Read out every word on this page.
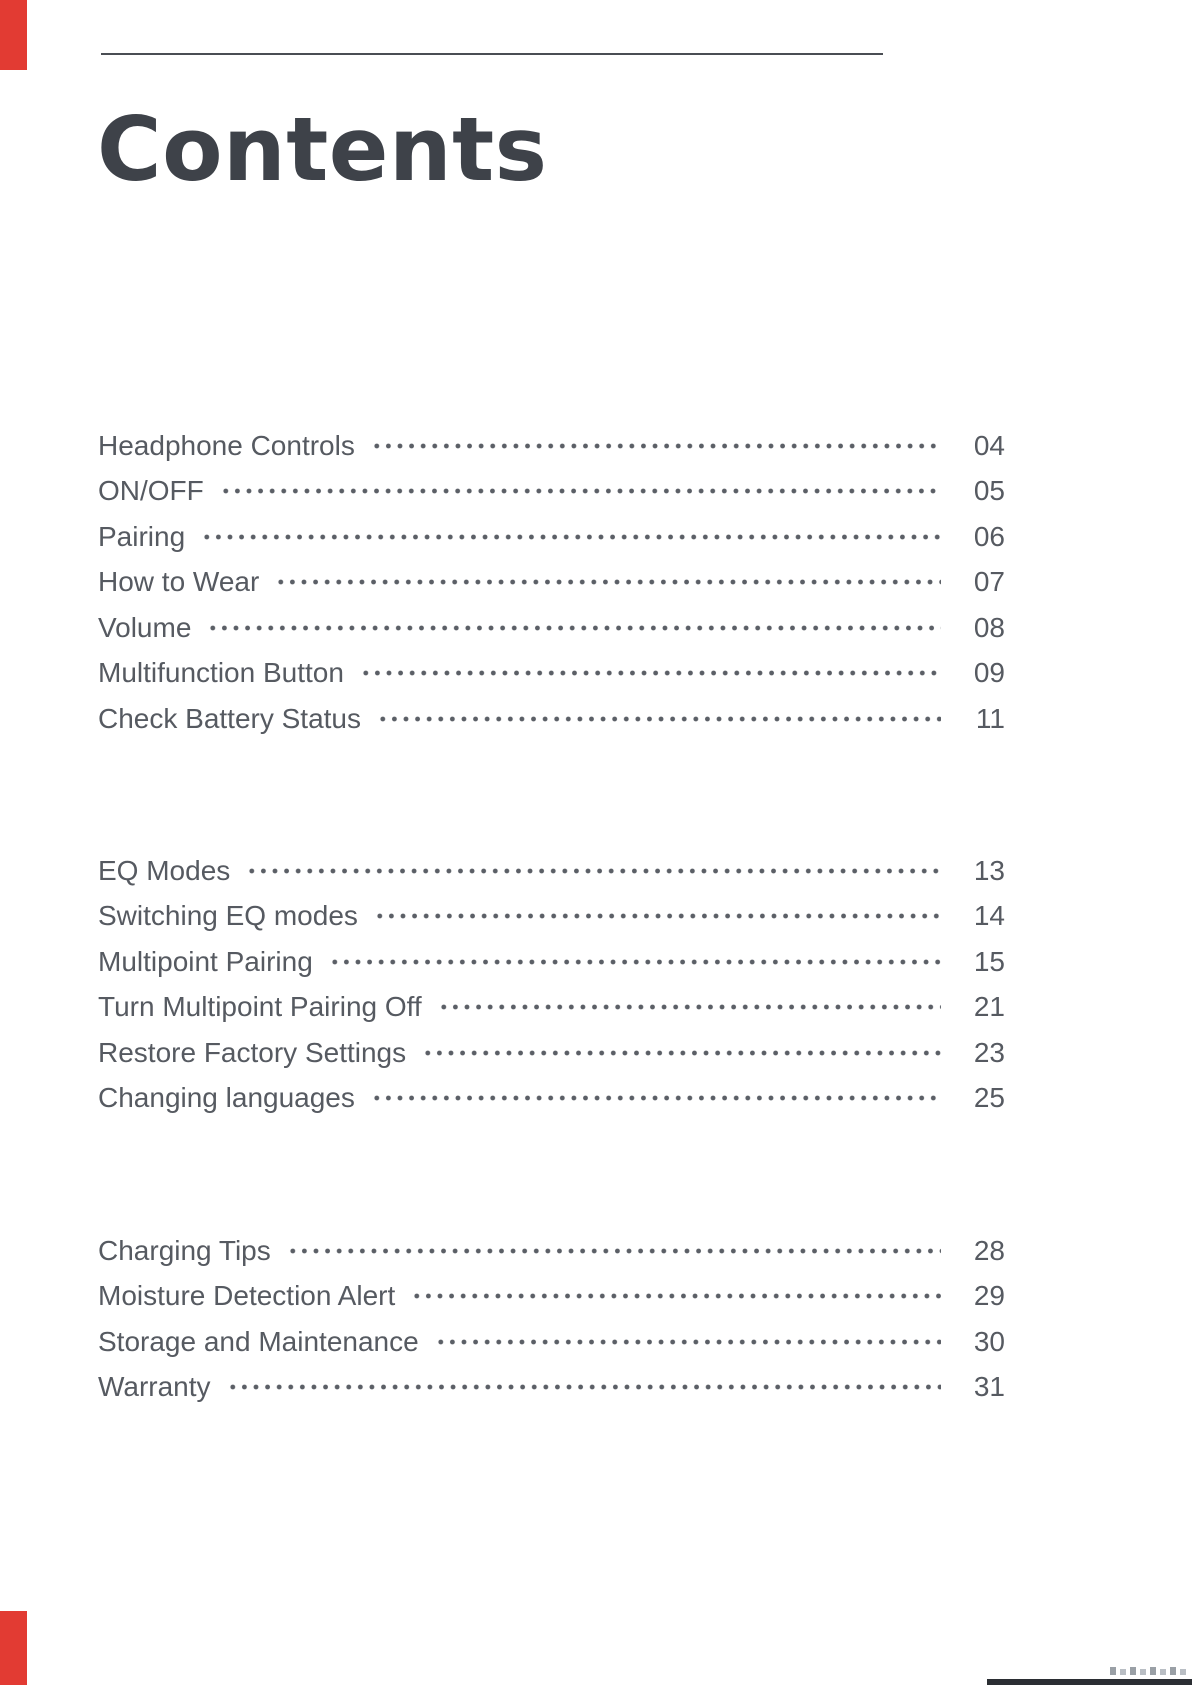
Contents
Headphone Controls	04
ON/OFF	05
Pairing	06
How to Wear	07
Volume	08
Multifunction Button	09
Check Battery Status	11
EQ Modes	13
Switching EQ modes	14
Multipoint Pairing	15
Turn Multipoint Pairing Off	21
Restore Factory Settings	23
Changing languages	25
Charging Tips	28
Moisture Detection Alert	29
Storage and Maintenance	30
Warranty	31
